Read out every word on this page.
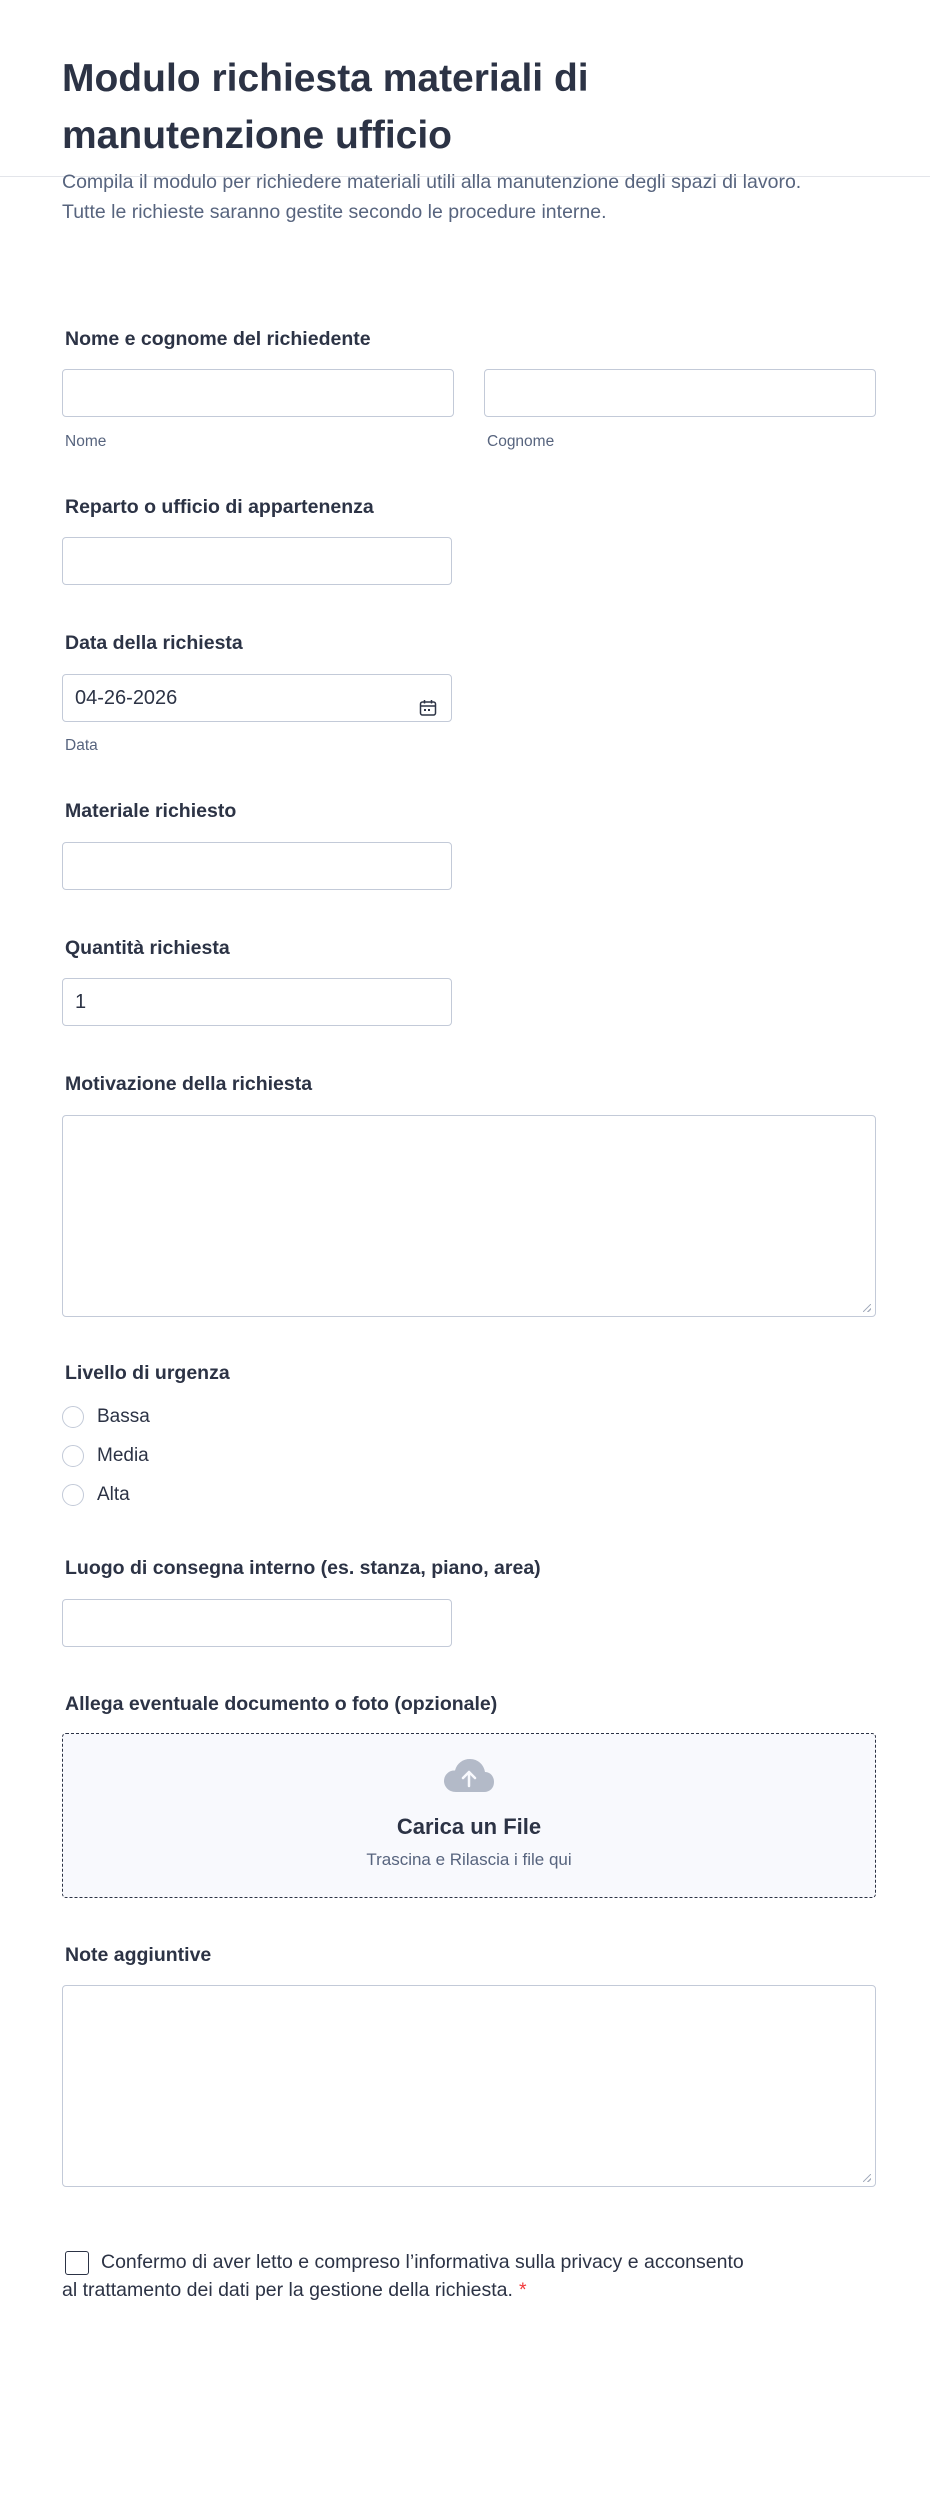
Modulo richiesta materiali di manutenzione ufficio

Compila il modulo per richiedere materiali utili alla manutenzione degli spazi di lavoro. Tutte le richieste saranno gestite secondo le procedure interne.

Nome e cognome del richiedente
Nome	Cognome
Reparto o ufficio di appartenenza
Data della richiesta
04-26-2026
Data
Materiale richiesto
Quantità richiesta
1
Motivazione della richiesta
Livello di urgenza
Bassa
Media
Alta
Luogo di consegna interno (es. stanza, piano, area)
Allega eventuale documento o foto (opzionale)
Carica un File
Trascina e Rilascia i file qui
Note aggiuntive
Confermo di aver letto e compreso l’informativa sulla privacy e acconsento al trattamento dei dati per la gestione della richiesta. *
